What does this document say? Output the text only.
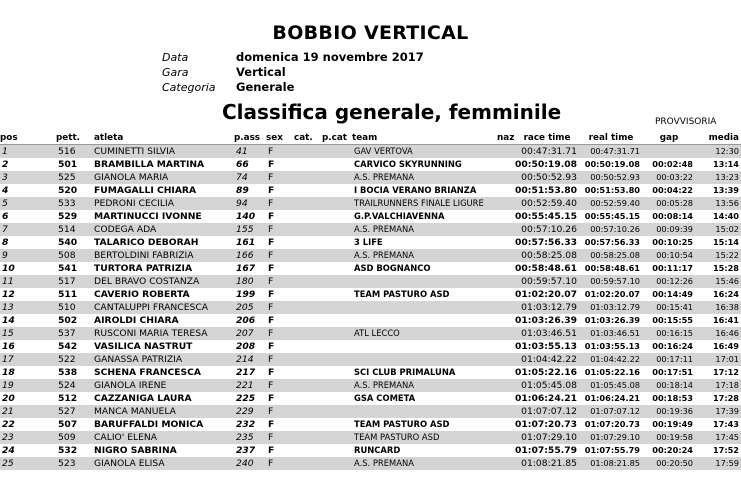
BOBBIO VERTICAL
Data	domenica 19 novembre 2017
Gara	Vertical
Categoria	Generale
Classifica generale, femminile	PROVVISORIA
pos	pett.	atleta	p.ass	sex	cat.	p.cat	team	naz	race time	real time	gap	media
1	516	CUMINETTI SILVIA	41	F			GAV VERTOVA		00:47:31.71	00:47:31.71		12:30
2	501	BRAMBILLA MARTINA	66	F			CARVICO SKYRUNNING		00:50:19.08	00:50:19.08	00:02:48	13:14
3	525	GIANOLA MARIA	74	F			A.S. PREMANA		00:50:52.93	00:50:52.93	00:03:22	13:23
4	520	FUMAGALLI CHIARA	89	F			I BOCIA VERANO BRIANZA		00:51:53.80	00:51:53.80	00:04:22	13:39
5	533	PEDRONI CECILIA	94	F			TRAILRUNNERS FINALE LIGURE		00:52:59.40	00:52:59.40	00:05:28	13:56
6	529	MARTINUCCI IVONNE	140	F			G.P.VALCHIAVENNA		00:55:45.15	00:55:45.15	00:08:14	14:40
7	514	CODEGA ADA	155	F			A.S. PREMANA		00:57:10.26	00:57:10.26	00:09:39	15:02
8	540	TALARICO DEBORAH	161	F			3 LIFE		00:57:56.33	00:57:56.33	00:10:25	15:14
9	508	BERTOLDINI FABRIZIA	166	F			A.S. PREMANA		00:58:25.08	00:58:25.08	00:10:54	15:22
10	541	TURTORA PATRIZIA	167	F			ASD BOGNANCO		00:58:48.61	00:58:48.61	00:11:17	15:28
11	517	DEL BRAVO COSTANZA	180	F					00:59:57.10	00:59:57.10	00:12:26	15:46
12	511	CAVERIO ROBERTA	199	F			TEAM PASTURO ASD		01:02:20.07	01:02:20.07	00:14:49	16:24
13	510	CANTALUPPI FRANCESCA	205	F					01:03:12.79	01:03:12.79	00:15:41	16:38
14	502	AIROLDI CHIARA	206	F					01:03:26.39	01:03:26.39	00:15:55	16:41
15	537	RUSCONI MARIA TERESA	207	F			ATL LECCO		01:03:46.51	01:03:46.51	00:16:15	16:46
16	542	VASILICA NASTRUT	208	F					01:03:55.13	01:03:55.13	00:16:24	16:49
17	522	GANASSA PATRIZIA	214	F					01:04:42.22	01:04:42.22	00:17:11	17:01
18	538	SCHENA FRANCESCA	217	F			SCI CLUB PRIMALUNA		01:05:22.16	01:05:22.16	00:17:51	17:12
19	524	GIANOLA IRENE	221	F			A.S. PREMANA		01:05:45.08	01:05:45.08	00:18:14	17:18
20	512	CAZZANIGA LAURA	225	F			GSA COMETA		01:06:24.21	01:06:24.21	00:18:53	17:28
21	527	MANCA MANUELA	229	F					01:07:07.12	01:07:07.12	00:19:36	17:39
22	507	BARUFFALDI MONICA	232	F			TEAM PASTURO ASD		01:07:20.73	01:07:20.73	00:19:49	17:43
23	509	CALIO' ELENA	235	F			TEAM PASTURO ASD		01:07:29.10	01:07:29.10	00:19:58	17:45
24	532	NIGRO SABRINA	237	F			RUNCARD		01:07:55.79	01:07:55.79	00:20:24	17:52
25	523	GIANOLA ELISA	240	F			A.S. PREMANA		01:08:21.85	01:08:21.85	00:20:50	17:59
